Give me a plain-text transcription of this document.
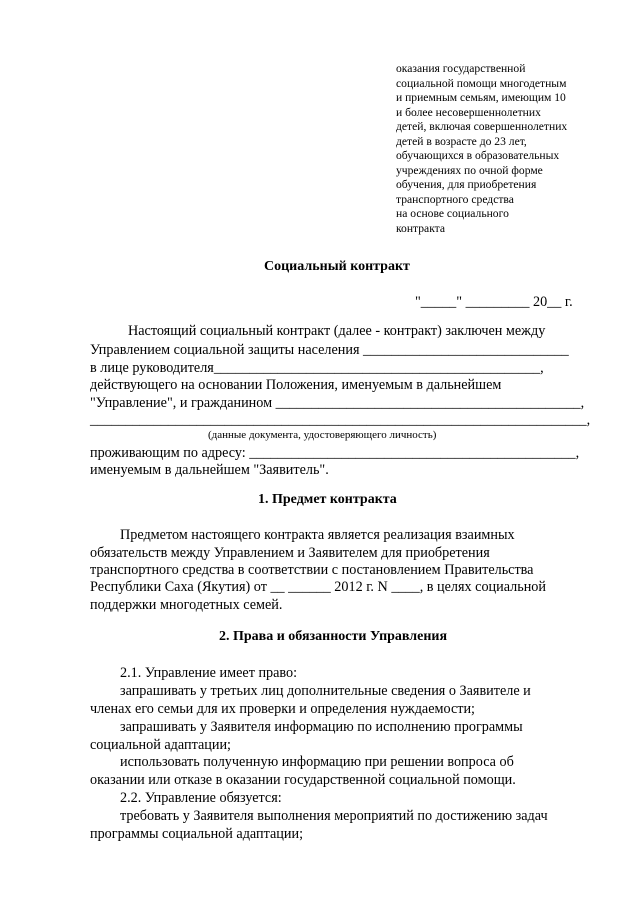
оказания государственной
социальной помощи многодетным
и приемным семьям, имеющим 10
и более несовершеннолетних
детей, включая совершеннолетних
детей в возрасте до 23 лет,
обучающихся в образовательных
учреждениях по очной форме
обучения, для приобретения
транспортного средства
на основе социального
контракта
Социальный контракт
"_____" _________ 20__ г.
Настоящий социальный контракт (далее - контракт) заключен между
Управлением социальной защиты населения _____________________________
в лице руководителя______________________________________________,
действующего на основании Положения, именуемым в дальнейшем
"Управление", и гражданином ___________________________________________,
______________________________________________________________________,
(данные документа, удостоверяющего личность)
проживающим по адресу: ______________________________________________,
именуемым в дальнейшем "Заявитель".
1. Предмет контракта
Предметом настоящего контракта является реализация взаимных
обязательств между Управлением и Заявителем для приобретения
транспортного средства в соответствии с постановлением Правительства
Республики Саха (Якутия) от __ ______ 2012 г. N ____, в целях социальной
поддержки многодетных семей.
2. Права и обязанности Управления
2.1. Управление имеет право:
запрашивать у третьих лиц дополнительные сведения о Заявителе и
членах его семьи для их проверки и определения нуждаемости;
запрашивать у Заявителя информацию по исполнению программы
социальной адаптации;
использовать полученную информацию при решении вопроса об
оказании или отказе в оказании государственной социальной помощи.
2.2. Управление обязуется:
требовать у Заявителя выполнения мероприятий по достижению задач
программы социальной адаптации;
